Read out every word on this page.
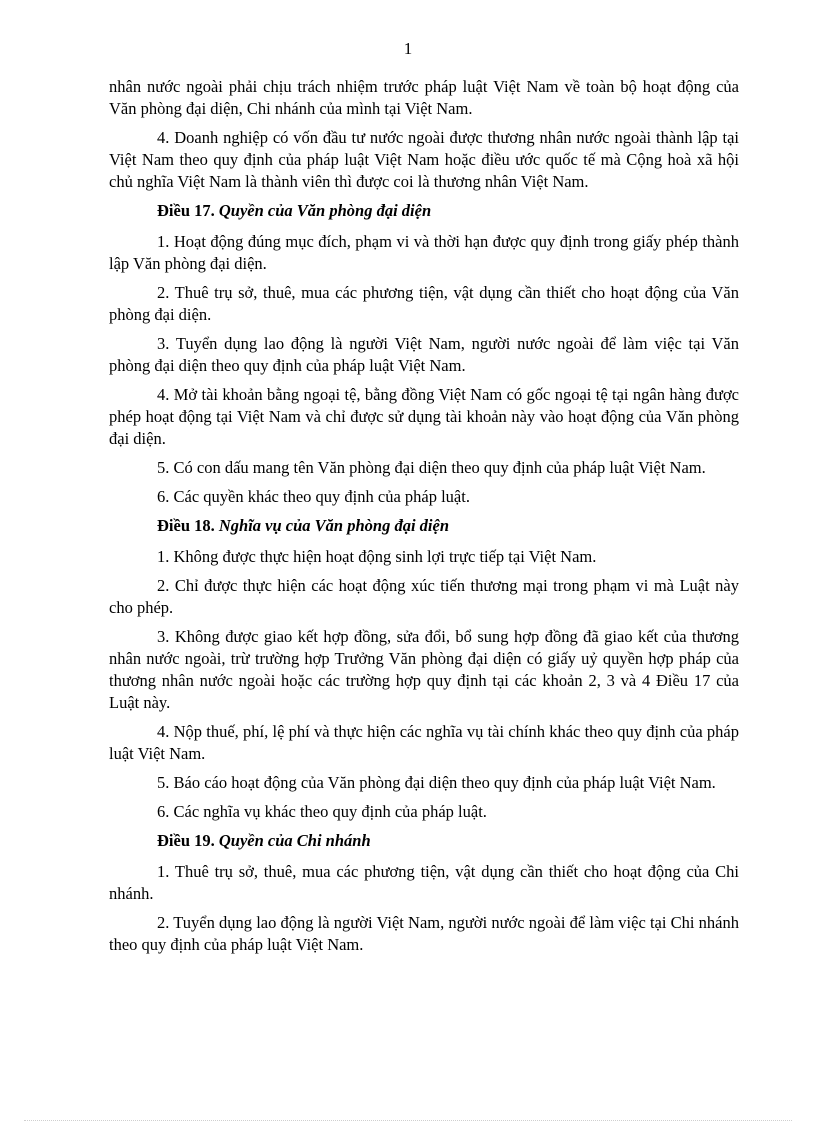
1

nhân nước ngoài phải chịu trách nhiệm trước pháp luật Việt Nam về toàn bộ hoạt động của Văn phòng đại diện, Chi nhánh của mình tại Việt Nam.

4. Doanh nghiệp có vốn đầu tư nước ngoài được thương nhân nước ngoài thành lập tại Việt Nam theo quy định của pháp luật Việt Nam hoặc điều ước quốc tế mà Cộng hoà xã hội chủ nghĩa Việt Nam là thành viên thì được coi là thương nhân Việt Nam.

Điều 17. Quyền của Văn phòng đại diện

1. Hoạt động đúng mục đích, phạm vi và thời hạn được quy định trong giấy phép thành lập Văn phòng đại diện.

2. Thuê trụ sở, thuê, mua các phương tiện, vật dụng cần thiết cho hoạt động của Văn phòng đại diện.

3. Tuyển dụng lao động là người Việt Nam, người nước ngoài để làm việc tại Văn phòng đại diện theo quy định của pháp luật Việt Nam.

4. Mở tài khoản bằng ngoại tệ, bằng đồng Việt Nam có gốc ngoại tệ tại ngân hàng được phép hoạt động tại Việt Nam và chỉ được sử dụng tài khoản này vào hoạt động của Văn phòng đại diện.

5. Có con dấu mang tên Văn phòng đại diện theo quy định của pháp luật Việt Nam.

6. Các quyền khác theo quy định của pháp luật.

Điều 18. Nghĩa vụ của Văn phòng đại diện

1. Không được thực hiện hoạt động sinh lợi trực tiếp tại Việt Nam.

2. Chỉ được thực hiện các hoạt động xúc tiến thương mại trong phạm vi mà Luật này cho phép.

3. Không được giao kết hợp đồng, sửa đổi, bổ sung hợp đồng đã giao kết của thương nhân nước ngoài, trừ trường hợp Trưởng Văn phòng đại diện có giấy uỷ quyền hợp pháp của thương nhân nước ngoài hoặc các trường hợp quy định tại các khoản 2, 3 và 4 Điều 17 của Luật này.

4. Nộp thuế, phí, lệ phí và thực hiện các nghĩa vụ tài chính khác theo quy định của pháp luật Việt Nam.

5. Báo cáo hoạt động của Văn phòng đại diện theo quy định của pháp luật Việt Nam.

6. Các nghĩa vụ khác theo quy định của pháp luật.

Điều 19. Quyền của Chi nhánh

1. Thuê trụ sở, thuê, mua các phương tiện, vật dụng cần thiết cho hoạt động của Chi nhánh.

2. Tuyển dụng lao động là người Việt Nam, người nước ngoài để làm việc tại Chi nhánh theo quy định của pháp luật Việt Nam.
